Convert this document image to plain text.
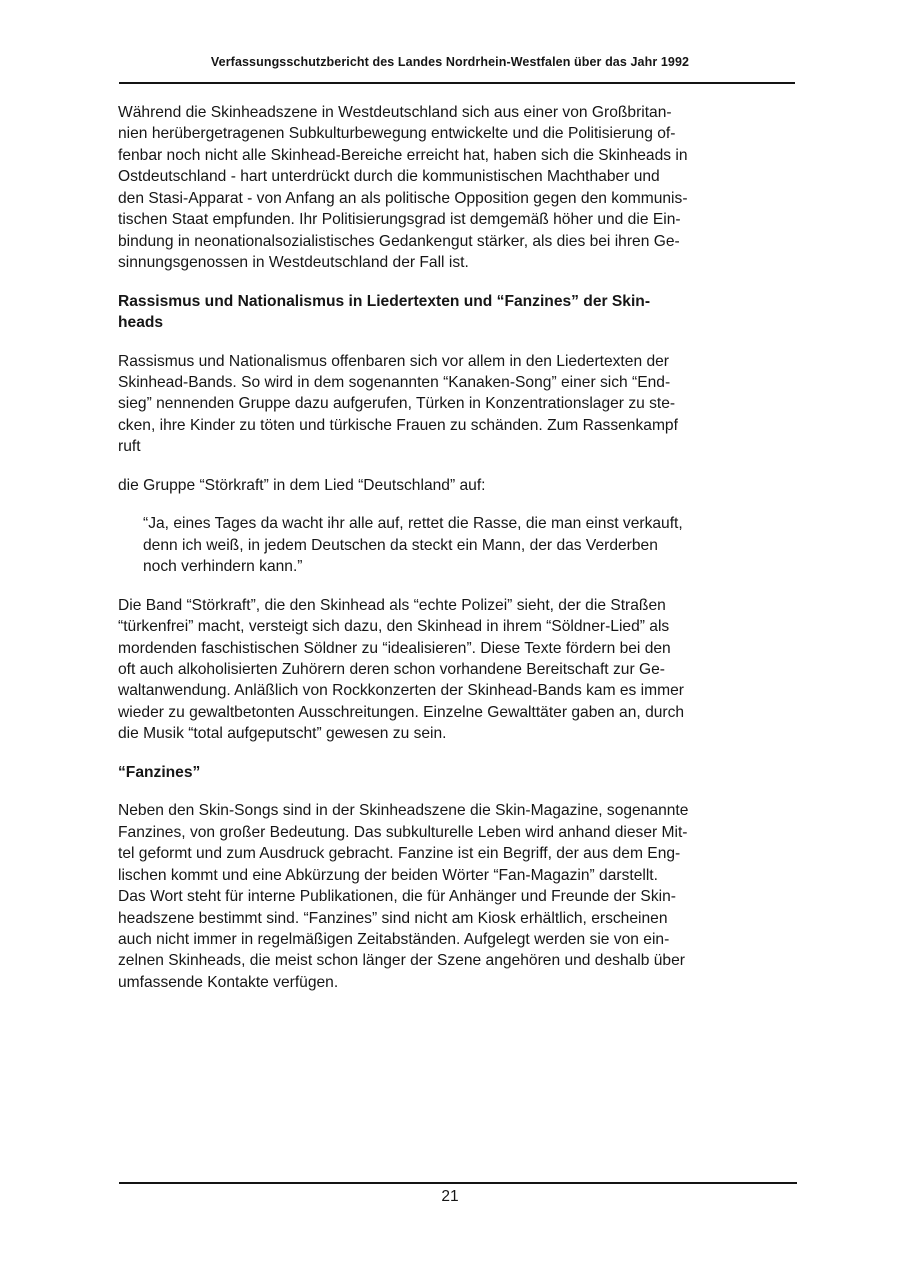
Verfassungsschutzbericht des Landes Nordrhein-Westfalen über das Jahr 1992
Während die Skinheadszene in Westdeutschland sich aus einer von Großbritan-
nien herübergetragenen Subkulturbewegung entwickelte und die Politisierung of-
fenbar noch nicht alle Skinhead-Bereiche erreicht hat, haben sich die Skinheads in
Ostdeutschland - hart unterdrückt durch die kommunistischen Machthaber und
den Stasi-Apparat - von Anfang an als politische Opposition gegen den kommunis-
tischen Staat empfunden. Ihr Politisierungsgrad ist demgemäß höher und die Ein-
bindung in neonationalsozialistisches Gedankengut stärker, als dies bei ihren Ge-
sinnungsgenossen in Westdeutschland der Fall ist.
Rassismus und Nationalismus in Liedertexten und “Fanzines” der Skin-
heads
Rassismus und Nationalismus offenbaren sich vor allem in den Liedertexten der
Skinhead-Bands. So wird in dem sogenannten “Kanaken-Song” einer sich “End-
sieg” nennenden Gruppe dazu aufgerufen, Türken in Konzentrationslager zu ste-
cken, ihre Kinder zu töten und türkische Frauen zu schänden. Zum Rassenkampf
ruft
die Gruppe “Störkraft” in dem Lied “Deutschland” auf:
“Ja, eines Tages da wacht ihr alle auf, rettet die Rasse, die man einst verkauft,
denn ich weiß, in jedem Deutschen da steckt ein Mann, der das Verderben
noch verhindern kann.”
Die Band “Störkraft”, die den Skinhead als “echte Polizei” sieht, der die Straßen
“türkenfrei” macht, versteigt sich dazu, den Skinhead in ihrem “Söldner-Lied” als
mordenden faschistischen Söldner zu “idealisieren”. Diese Texte fördern bei den
oft auch alkoholisierten Zuhörern deren schon vorhandene Bereitschaft zur Ge-
waltanwendung. Anläßlich von Rockkonzerten der Skinhead-Bands kam es immer
wieder zu gewaltbetonten Ausschreitungen. Einzelne Gewalttäter gaben an, durch
die Musik “total aufgeputscht” gewesen zu sein.
“Fanzines”
Neben den Skin-Songs sind in der Skinheadszene die Skin-Magazine, sogenannte
Fanzines, von großer Bedeutung. Das subkulturelle Leben wird anhand dieser Mit-
tel geformt und zum Ausdruck gebracht. Fanzine ist ein Begriff, der aus dem Eng-
lischen kommt und eine Abkürzung der beiden Wörter “Fan-Magazin” darstellt.
Das Wort steht für interne Publikationen, die für Anhänger und Freunde der Skin-
headszene bestimmt sind. “Fanzines” sind nicht am Kiosk erhältlich, erscheinen
auch nicht immer in regelmäßigen Zeitabständen. Aufgelegt werden sie von ein-
zelnen Skinheads, die meist schon länger der Szene angehören und deshalb über
umfassende Kontakte verfügen.
21
